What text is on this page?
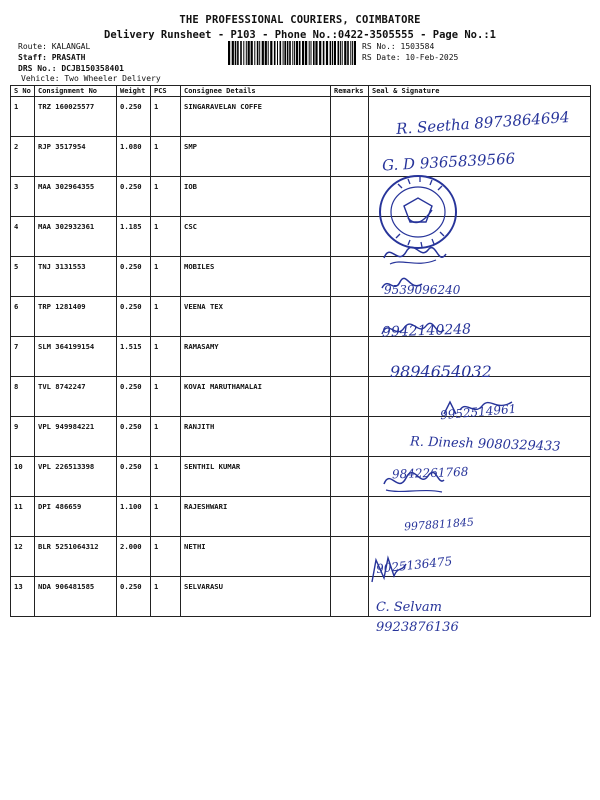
THE PROFESSIONAL COURIERS, COIMBATORE
Delivery Runsheet - P103 - Phone No.:0422-3505555 - Page No.:1
Route: KALANGAL
Staff: PRASATH
DRS No.: DCJB150358401
Vehicle: Two Wheeler Delivery
RS No.: 1503584
RS Date: 10-Feb-2025
S No	Consignment No	Weight	PCS	Consignee Details	Remarks	Seal & Signature
1	TRZ 160025577	0.250	1	SINGARAVELAN COFFE		
2	RJP 3517954	1.080	1	SMP		
3	MAA 302964355	0.250	1	IOB		
4	MAA 302932361	1.185	1	CSC		
5	TNJ 3131553	0.250	1	MOBILES		
6	TRP 1281409	0.250	1	VEENA TEX		
7	SLM 364199154	1.515	1	RAMASAMY		
8	TVL 8742247	0.250	1	KOVAI MARUTHAMALAI		
9	VPL 949984221	0.250	1	RANJITH		
10	VPL 226513398	0.250	1	SENTHIL KUMAR		
11	DPI 486659	1.100	1	RAJESHWARI		
12	BLR 5251064312	2.000	1	NETHI		
13	NDA 906481585	0.250	1	SELVARASU		
R. Seetha 8973864694
G. D 9365839566
9539096240
9942140248
9894654032
9952514961
R. Dinesh 9080329433
9842261768
9978811845
9025136475
C. Selvam 9923876136
